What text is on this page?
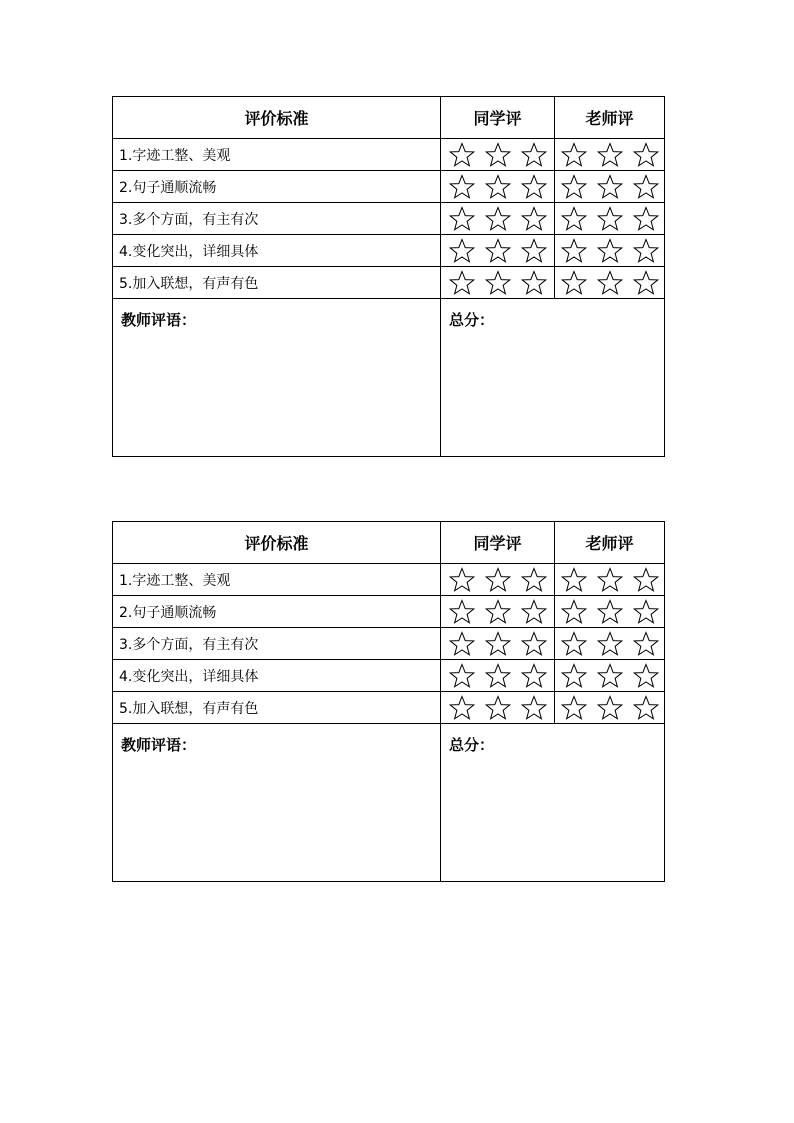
评价标准	同学评	老师评
1.字迹工整、美观	

2.句子通顺流畅	

3.多个方面，有主有次	

4.变化突出，详细具体	

5.加入联想，有声有色	

教师评语：	总分：	
评价标准	同学评	老师评
1.字迹工整、美观	

2.句子通顺流畅	

3.多个方面，有主有次	

4.变化突出，详细具体	

5.加入联想，有声有色	

教师评语：	总分：	
